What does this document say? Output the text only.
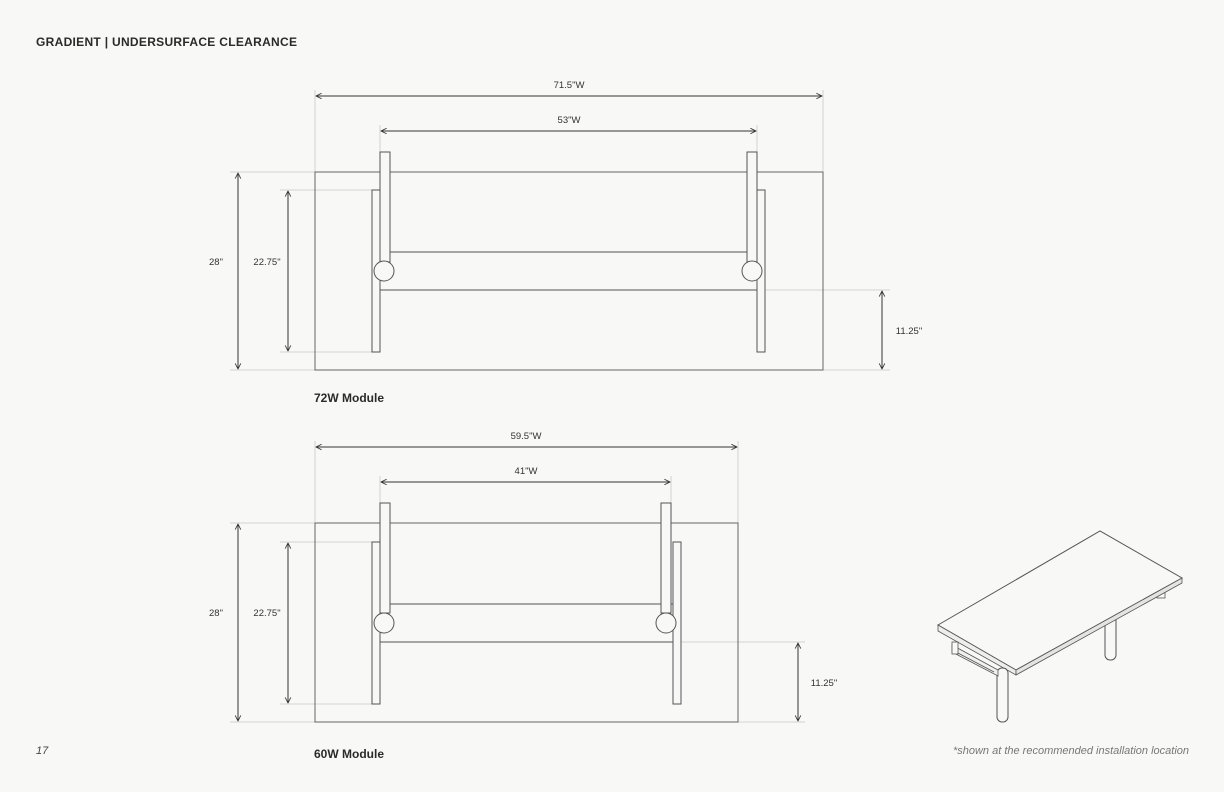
GRADIENT | UNDERSURFACE CLEARANCE
71.5"W
53"W
28"	22.75"
11.25"
72W Module
59.5"W
41"W
28"	22.75"
11.25"
60W Module
17	*shown at the recommended installation location
